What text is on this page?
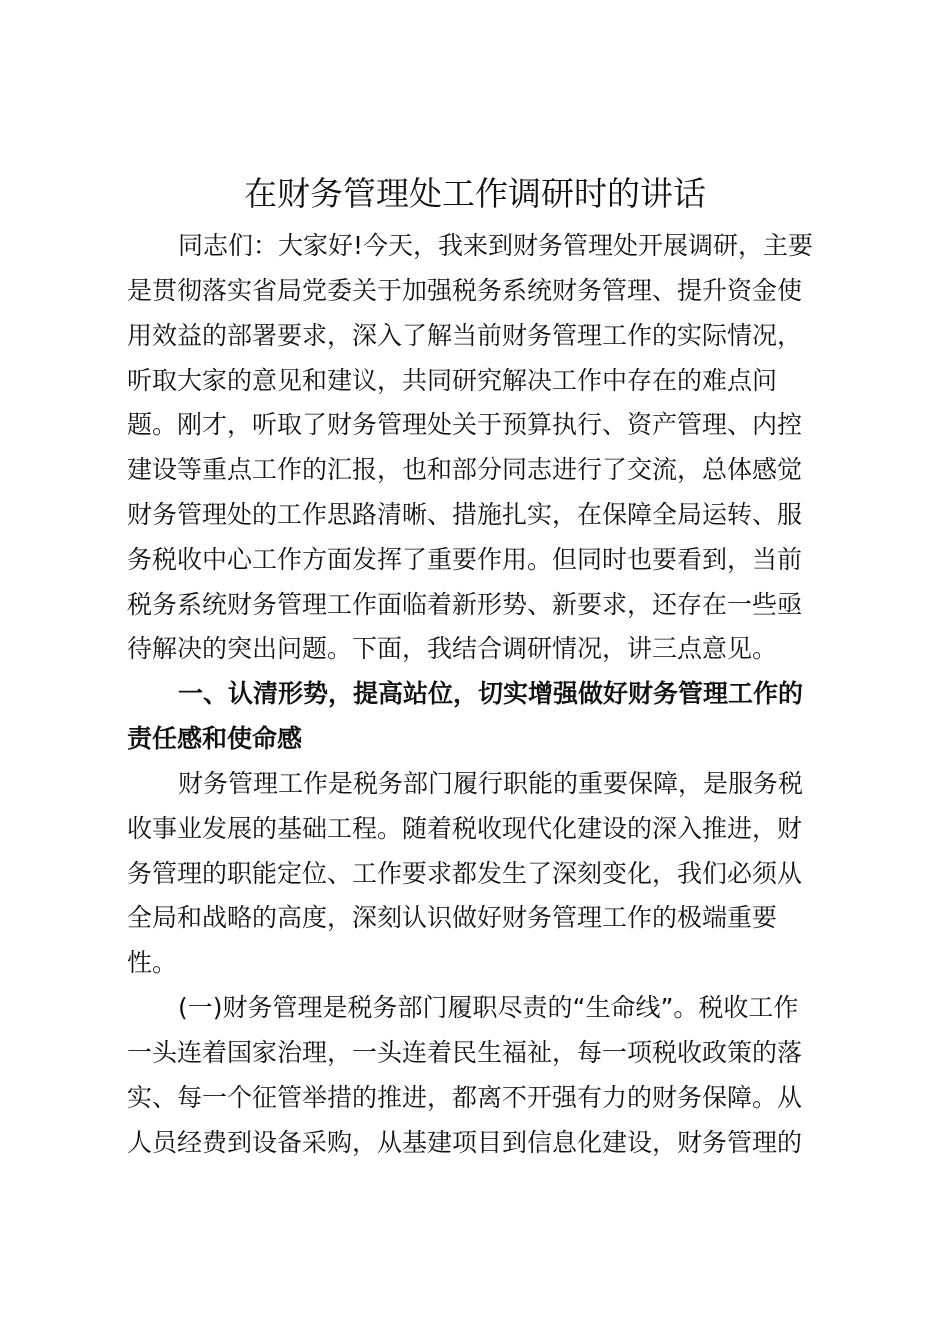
在财务管理处工作调研时的讲话
同志们：大家好!今天，我来到财务管理处开展调研，主要
是贯彻落实省局党委关于加强税务系统财务管理、提升资金使
用效益的部署要求，深入了解当前财务管理工作的实际情况，
听取大家的意见和建议，共同研究解决工作中存在的难点问
题。刚才，听取了财务管理处关于预算执行、资产管理、内控
建设等重点工作的汇报，也和部分同志进行了交流，总体感觉
财务管理处的工作思路清晰、措施扎实，在保障全局运转、服
务税收中心工作方面发挥了重要作用。但同时也要看到，当前
税务系统财务管理工作面临着新形势、新要求，还存在一些亟
待解决的突出问题。下面，我结合调研情况，讲三点意见。
一、认清形势，提高站位，切实增强做好财务管理工作的
责任感和使命感
财务管理工作是税务部门履行职能的重要保障，是服务税
收事业发展的基础工程。随着税收现代化建设的深入推进，财
务管理的职能定位、工作要求都发生了深刻变化，我们必须从
全局和战略的高度，深刻认识做好财务管理工作的极端重要
性。
(一)财务管理是税务部门履职尽责的“生命线”。税收工作
一头连着国家治理，一头连着民生福祉，每一项税收政策的落
实、每一个征管举措的推进，都离不开强有力的财务保障。从
人员经费到设备采购，从基建项目到信息化建设，财务管理的
